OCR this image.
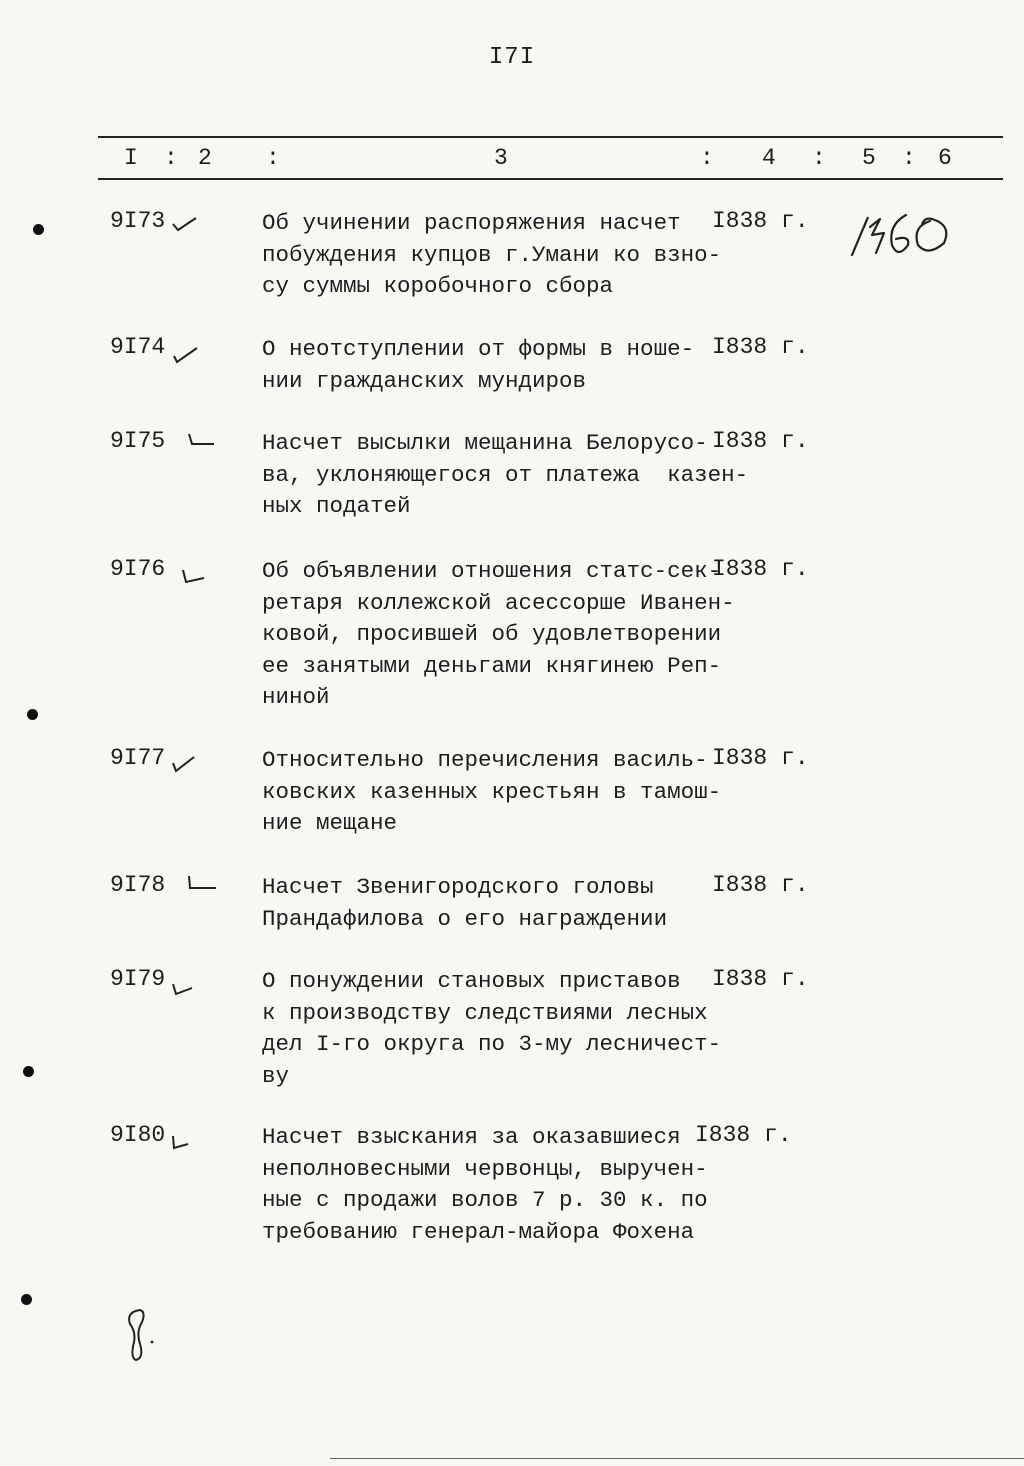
I7I
I : 2 :	3	: 4 : 5 : 6
9I73	Об учинении распоряжения насчет
побуждения купцов г.Умани ко взно-
су суммы коробочного сбора
I838 г.
9I74	О неотступлении от формы в ноше-
нии гражданских мундиров
I838 г.
9I75	Насчет высылки мещанина Белорусо-
ва, уклоняющегося от платежа  казен-
ных податей
I838 г.
9I76	Об объявлении отношения статс-сек-
ретаря коллежской асессорше Иванен-
ковой, просившей об удовлетворении
ее занятыми деньгами княгинею Реп-
ниной
I838 г.
9I77	Относительно перечисления василь-
ковских казенных крестьян в тамош-
ние мещане
I838 г.
9I78	Насчет Звенигородского головы
Прандафилова о его награждении
I838 г.
9I79	О понуждении становых приставов
к производству следствиями лесных
дел I-го округа по 3-му лесничест-
ву
I838 г.
9I80	Насчет взыскания за оказавшиеся
неполновесными червонцы, выручен-
ные с продажи волов 7 р. 30 к. по
требованию генерал-майора Фохена
I838 г.
